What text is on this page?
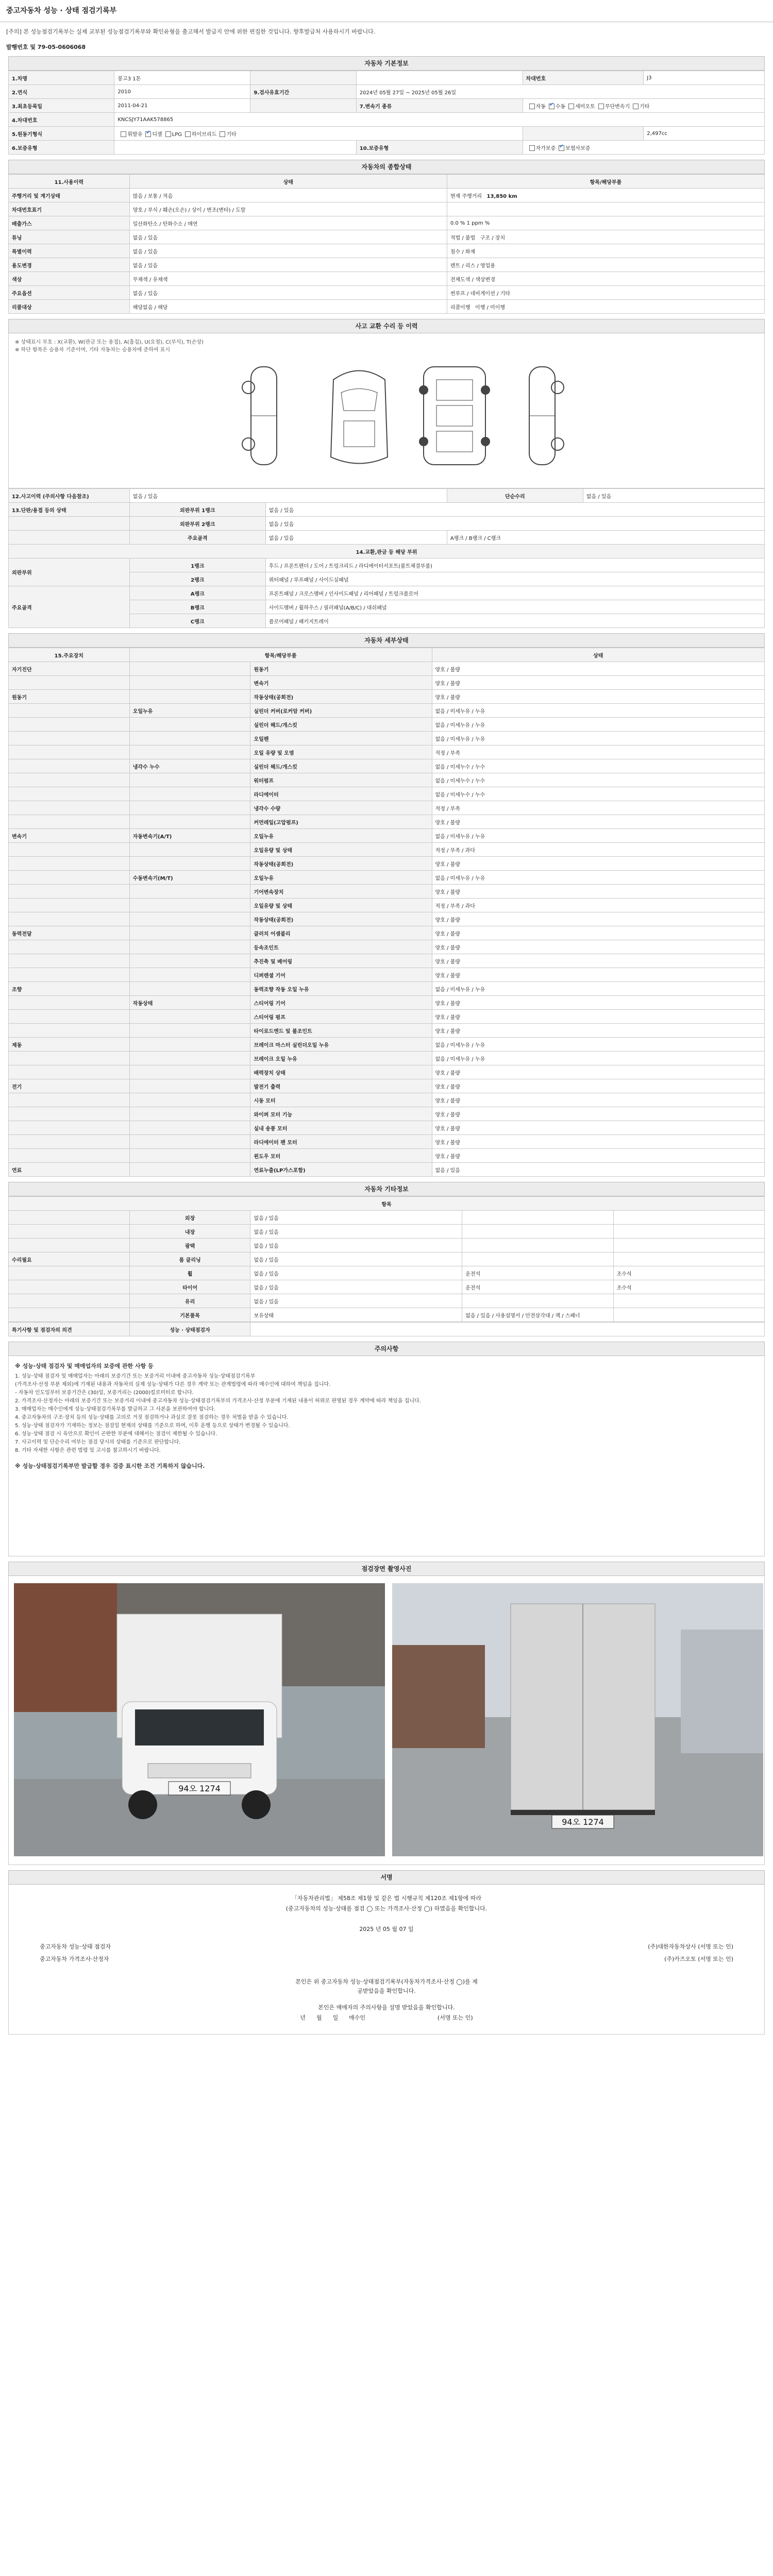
중고자동차 성능 · 상태 점검기록부
[주의] 본 성능점검기록부는 실제 교부된 성능점검기록부와 확인유형을 출고해서 발급지 안에 위한 편집한 것입니다. 향후발급처 사용하시기 바랍니다.
발행번호 및 79-05-0606068
자동차 기본정보
1.차명	봉고3 1톤			차대번호	J3
2.연식	2010	9.검사유효기간	2024년 05월 27일 ~ 2025년 05월 26일		
3.최초등록일	2011-04-21		7.변속기 종류	자동 ✔ 수동 세미오토 무단변속기 기타
4.차대번호	KNCSJY71AAK578865				
5.원동기형식	휘발유 ✔ 디젤 LPG 하이브리드 기타				2,497cc
6.보증유형			10.보증유형	자가보증 ✔ 보험사보증
자동차의 종합상태
11.사용이력	상태	항목/해당부품
주행거리 및 계기상태	많음 / 보통 / 적음	현재 주행거리 13,850 km
차대번호표기	양호 / 부식 / 훼손(오손) / 상이 / 변조(변타) / 도말	
배출가스	일산화탄소 / 탄화수소 / 매연	0.0 % 1 ppm %
튜닝	없음 / 있음	적법 / 불법 구조 / 장치
특별이력	없음 / 있음	침수 / 화재
용도변경	없음 / 있음	렌트 / 리스 / 영업용
색상	무채색 / 유채색	전체도색 / 색상변경
주요옵션	없음 / 있음	썬루프 / 네비게이션 / 기타
리콜대상	해당없음 / 해당	리콜이행 이행 / 미이행
사고 교환 수리 등 이력
※ 상태표시 부호 : X(교환), W(판금 또는 용접), A(흠집), U(요철), C(부식), T(손상)
※ 하단 항목은 승용차 기준이며, 기타 자동차는 승용차에 준하여 표시
12.사고이력 (주의사항 다음참조)	없음 / 있음		단순수리	없음 / 있음
13.단판/용접 등의 상태	외판부위 1랭크	없음 / 있음		
	외판부위 2랭크	없음 / 있음		
	주요골격	없음 / 있음	A랭크 / B랭크 / C랭크	
14.교환,판금 등 해당 부위				
외판부위	1랭크	후드 / 프론트펜더 / 도어 / 트렁크리드 / 라디에이터서포트(볼트체결부품)		
	2랭크	쿼터패널 / 루프패널 / 사이드실패널		
주요골격	A랭크	프론트패널 / 크로스멤버 / 인사이드패널 / 리어패널 / 트렁크플로어		
	B랭크	사이드멤버 / 휠하우스 / 필러패널(A/B/C) / 대쉬패널		
	C랭크	플로어패널 / 패키지트레이		
자동차 세부상태
15.주요장치	항목/해당부품		상태
자기진단		원동기	양호 / 불량
		변속기	양호 / 불량
원동기		작동상태(공회전)	양호 / 불량
	오일누유	실린더 커버(로커암 커버)	없음 / 미세누유 / 누유
		실린더 헤드/개스킷	없음 / 미세누유 / 누유
		오일팬	없음 / 미세누유 / 누유
		오일 유량 및 오염	적정 / 부족
	냉각수 누수	실린더 헤드/개스킷	없음 / 미세누수 / 누수
		워터펌프	없음 / 미세누수 / 누수
		라디에이터	없음 / 미세누수 / 누수
		냉각수 수량	적정 / 부족
		커먼레일(고압펌프)	양호 / 불량
변속기	자동변속기(A/T)	오일누유	없음 / 미세누유 / 누유
		오일유량 및 상태	적정 / 부족 / 과다
		작동상태(공회전)	양호 / 불량
	수동변속기(M/T)	오일누유	없음 / 미세누유 / 누유
		기어변속장치	양호 / 불량
		오일유량 및 상태	적정 / 부족 / 과다
		작동상태(공회전)	양호 / 불량
동력전달		클러치 어셈블리	양호 / 불량
		등속조인트	양호 / 불량
		추진축 및 베어링	양호 / 불량
		디퍼렌셜 기어	양호 / 불량
조향		동력조향 작동 오일 누유	없음 / 미세누유 / 누유
	작동상태	스티어링 기어	양호 / 불량
		스티어링 펌프	양호 / 불량
		타이로드엔드 및 볼조인트	양호 / 불량
제동		브레이크 마스터 실린더오일 누유	없음 / 미세누유 / 누유
		브레이크 오일 누유	없음 / 미세누유 / 누유
		배력장치 상태	양호 / 불량
전기		발전기 출력	양호 / 불량
		시동 모터	양호 / 불량
		와이퍼 모터 기능	양호 / 불량
		실내 송풍 모터	양호 / 불량
		라디에이터 팬 모터	양호 / 불량
		윈도우 모터	양호 / 불량
연료		연료누출(LP가스포함)	없음 / 있음
자동차 기타정보
항목				
	외장	없음 / 있음		
	내장	없음 / 있음		
	광택	없음 / 있음		
수리필요	룸 클리닝	없음 / 있음		
	휠	없음 / 있음	운전석	조수석
	타이어	없음 / 있음	운전석	조수석
	유리	없음 / 있음		
	기본품목	보유상태	없음 / 있음 / 사용설명서 / 안전삼각대 / 잭 / 스패너	
특기사항 및 점검자의 의견	성능 · 상태점검자	
주의사항
※ 성능·상태 점검자 및 매매업자의 보증에 관한 사항 등
1. 성능·상태 점검자 및 매매업자는 아래의 보증기간 또는 보증거리 이내에 중고자동차 성능·상태점검기록부
(가격조사·산정 부분 제외)에 기재된 내용과 자동차의 실제 성능·상태가 다른 경우 계약 또는 관계법령에 따라 매수인에 대하여 책임을 집니다.
- 자동차 인도일부터 보증기간은 (30)일, 보증거리는 (2000)킬로미터로 합니다.
2. 가격조사·산정자는 아래의 보증기간 또는 보증거리 이내에 중고자동차 성능·상태점검기록부의 가격조사·산정 부분에 기재된 내용이 허위로 판명된 경우 계약에 따라 책임을 집니다.
3. 매매업자는 매수인에게 성능·상태점검기록부를 발급하고 그 사본을 보관하여야 합니다.
4. 중고자동차의 구조·장치 등의 성능·상태를 고의로 거짓 점검하거나 과실로 잘못 점검하는 경우 처벌을 받을 수 있습니다.
5. 성능·상태 점검자가 기재하는 정보는 점검일 현재의 상태를 기준으로 하며, 이후 운행 등으로 상태가 변경될 수 있습니다.
6. 성능·상태 점검 시 육안으로 확인이 곤란한 부분에 대해서는 점검이 제한될 수 있습니다.
7. 사고이력 및 단순수리 여부는 점검 당시의 상태를 기준으로 판단합니다.
8. 기타 자세한 사항은 관련 법령 및 고시를 참고하시기 바랍니다.
※ 성능·상태점검기록부만 발급할 경우 검증 표시한 조건 기록하지 않습니다.
점검장면 촬영사진
94오 1274
94오 1274
서명
「자동차관리법」 제58조 제1항 및 같은 법 시행규칙 제120조 제1항에 따라
(중고자동차의 성능·상태를 점검 ◯ 또는 가격조사·산정 ◯) 하였음을 확인합니다.
2025 년 05 월 07 일
중고자동차 성능·상태 점검자	(주)대한자동차상사 (서명 또는 인)
중고자동차 가격조사·산정자	(주)카즈오토 (서명 또는 인)
본인은 위 중고자동차 성능·상태점검기록부(자동차가격조사·산정 ◯)를 제
공받았음을 확인합니다.
본인은 매매자의 주의사항을 설명 받았음을 확인합니다.
년      월      일      매수인                                        (서명 또는 인)
